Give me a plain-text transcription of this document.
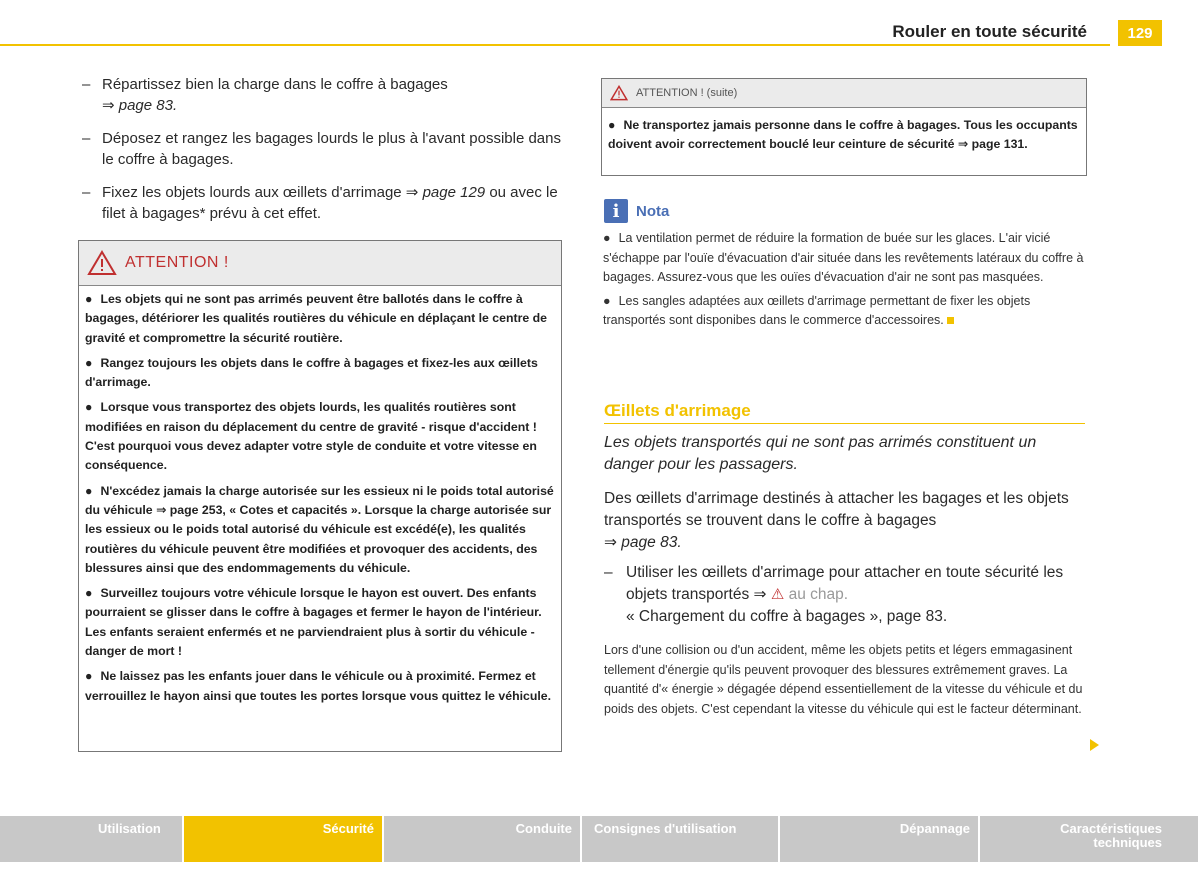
Rouler en toute sécurité	129
– Répartissez bien la charge dans le coffre à bagages
⇒ page 83.
– Déposez et rangez les bagages lourds le plus à l'avant possible dans le coffre à bagages.
– Fixez les objets lourds aux œillets d'arrimage ⇒ page 129 ou avec le filet à bagages* prévu à cet effet.
ATTENTION !

● Les objets qui ne sont pas arrimés peuvent être ballotés dans le coffre à bagages, détériorer les qualités routières du véhicule en déplaçant le centre de gravité et compromettre la sécurité routière.

● Rangez toujours les objets dans le coffre à bagages et fixez-les aux œillets d'arrimage.

● Lorsque vous transportez des objets lourds, les qualités routières sont modifiées en raison du déplacement du centre de gravité - risque d'accident ! C'est pourquoi vous devez adapter votre style de conduite et votre vitesse en conséquence.

● N'excédez jamais la charge autorisée sur les essieux ni le poids total autorisé du véhicule ⇒ page 253, « Cotes et capacités ». Lorsque la charge autorisée sur les essieux ou le poids total autorisé du véhicule est excédé(e), les qualités routières du véhicule peuvent être modifiées et provoquer des accidents, des blessures ainsi que des endommagements du véhicule.

● Surveillez toujours votre véhicule lorsque le hayon est ouvert. Des enfants pourraient se glisser dans le coffre à bagages et fermer le hayon de l'intérieur. Les enfants seraient enfermés et ne parviendraient plus à sortir du véhicule - danger de mort !

● Ne laissez pas les enfants jouer dans le véhicule ou à proximité. Fermez et verrouillez le hayon ainsi que toutes les portes lorsque vous quittez le véhicule.

ATTENTION ! (suite)
● Ne transportez jamais personne dans le coffre à bagages. Tous les occupants doivent avoir correctement bouclé leur ceinture de sécurité ⇒ page 131.
i	Nota

● La ventilation permet de réduire la formation de buée sur les glaces. L'air vicié s'échappe par l'ouïe d'évacuation d'air située dans les revêtements latéraux du coffre à bagages. Assurez-vous que les ouïes d'évacuation d'air ne sont pas masquées.

● Les sangles adaptées aux œillets d'arrimage permettant de fixer les objets transportés sont disponibes dans le commerce d'accessoires.

Œillets d'arrimage
Les objets transportés qui ne sont pas arrimés constituent un danger pour les passagers.
Des œillets d'arrimage destinés à attacher les bagages et les objets transportés se trouvent dans le coffre à bagages
⇒ page 83.
– Utiliser les œillets d'arrimage pour attacher en toute sécurité les objets transportés ⇒ ⚠ au chap.
« Chargement du coffre à bagages », page 83.
Lors d'une collision ou d'un accident, même les objets petits et légers emmagasinent tellement d'énergie qu'ils peuvent provoquer des blessures extrêmement graves. La quantité d'« énergie » dégagée dépend essentiellement de la vitesse du véhicule et du poids des objets. C'est cependant la vitesse du véhicule qui est le facteur déterminant.
Utilisation	Sécurité	Conduite	Consignes d'utilisation	Dépannage	Caractéristiques techniques
